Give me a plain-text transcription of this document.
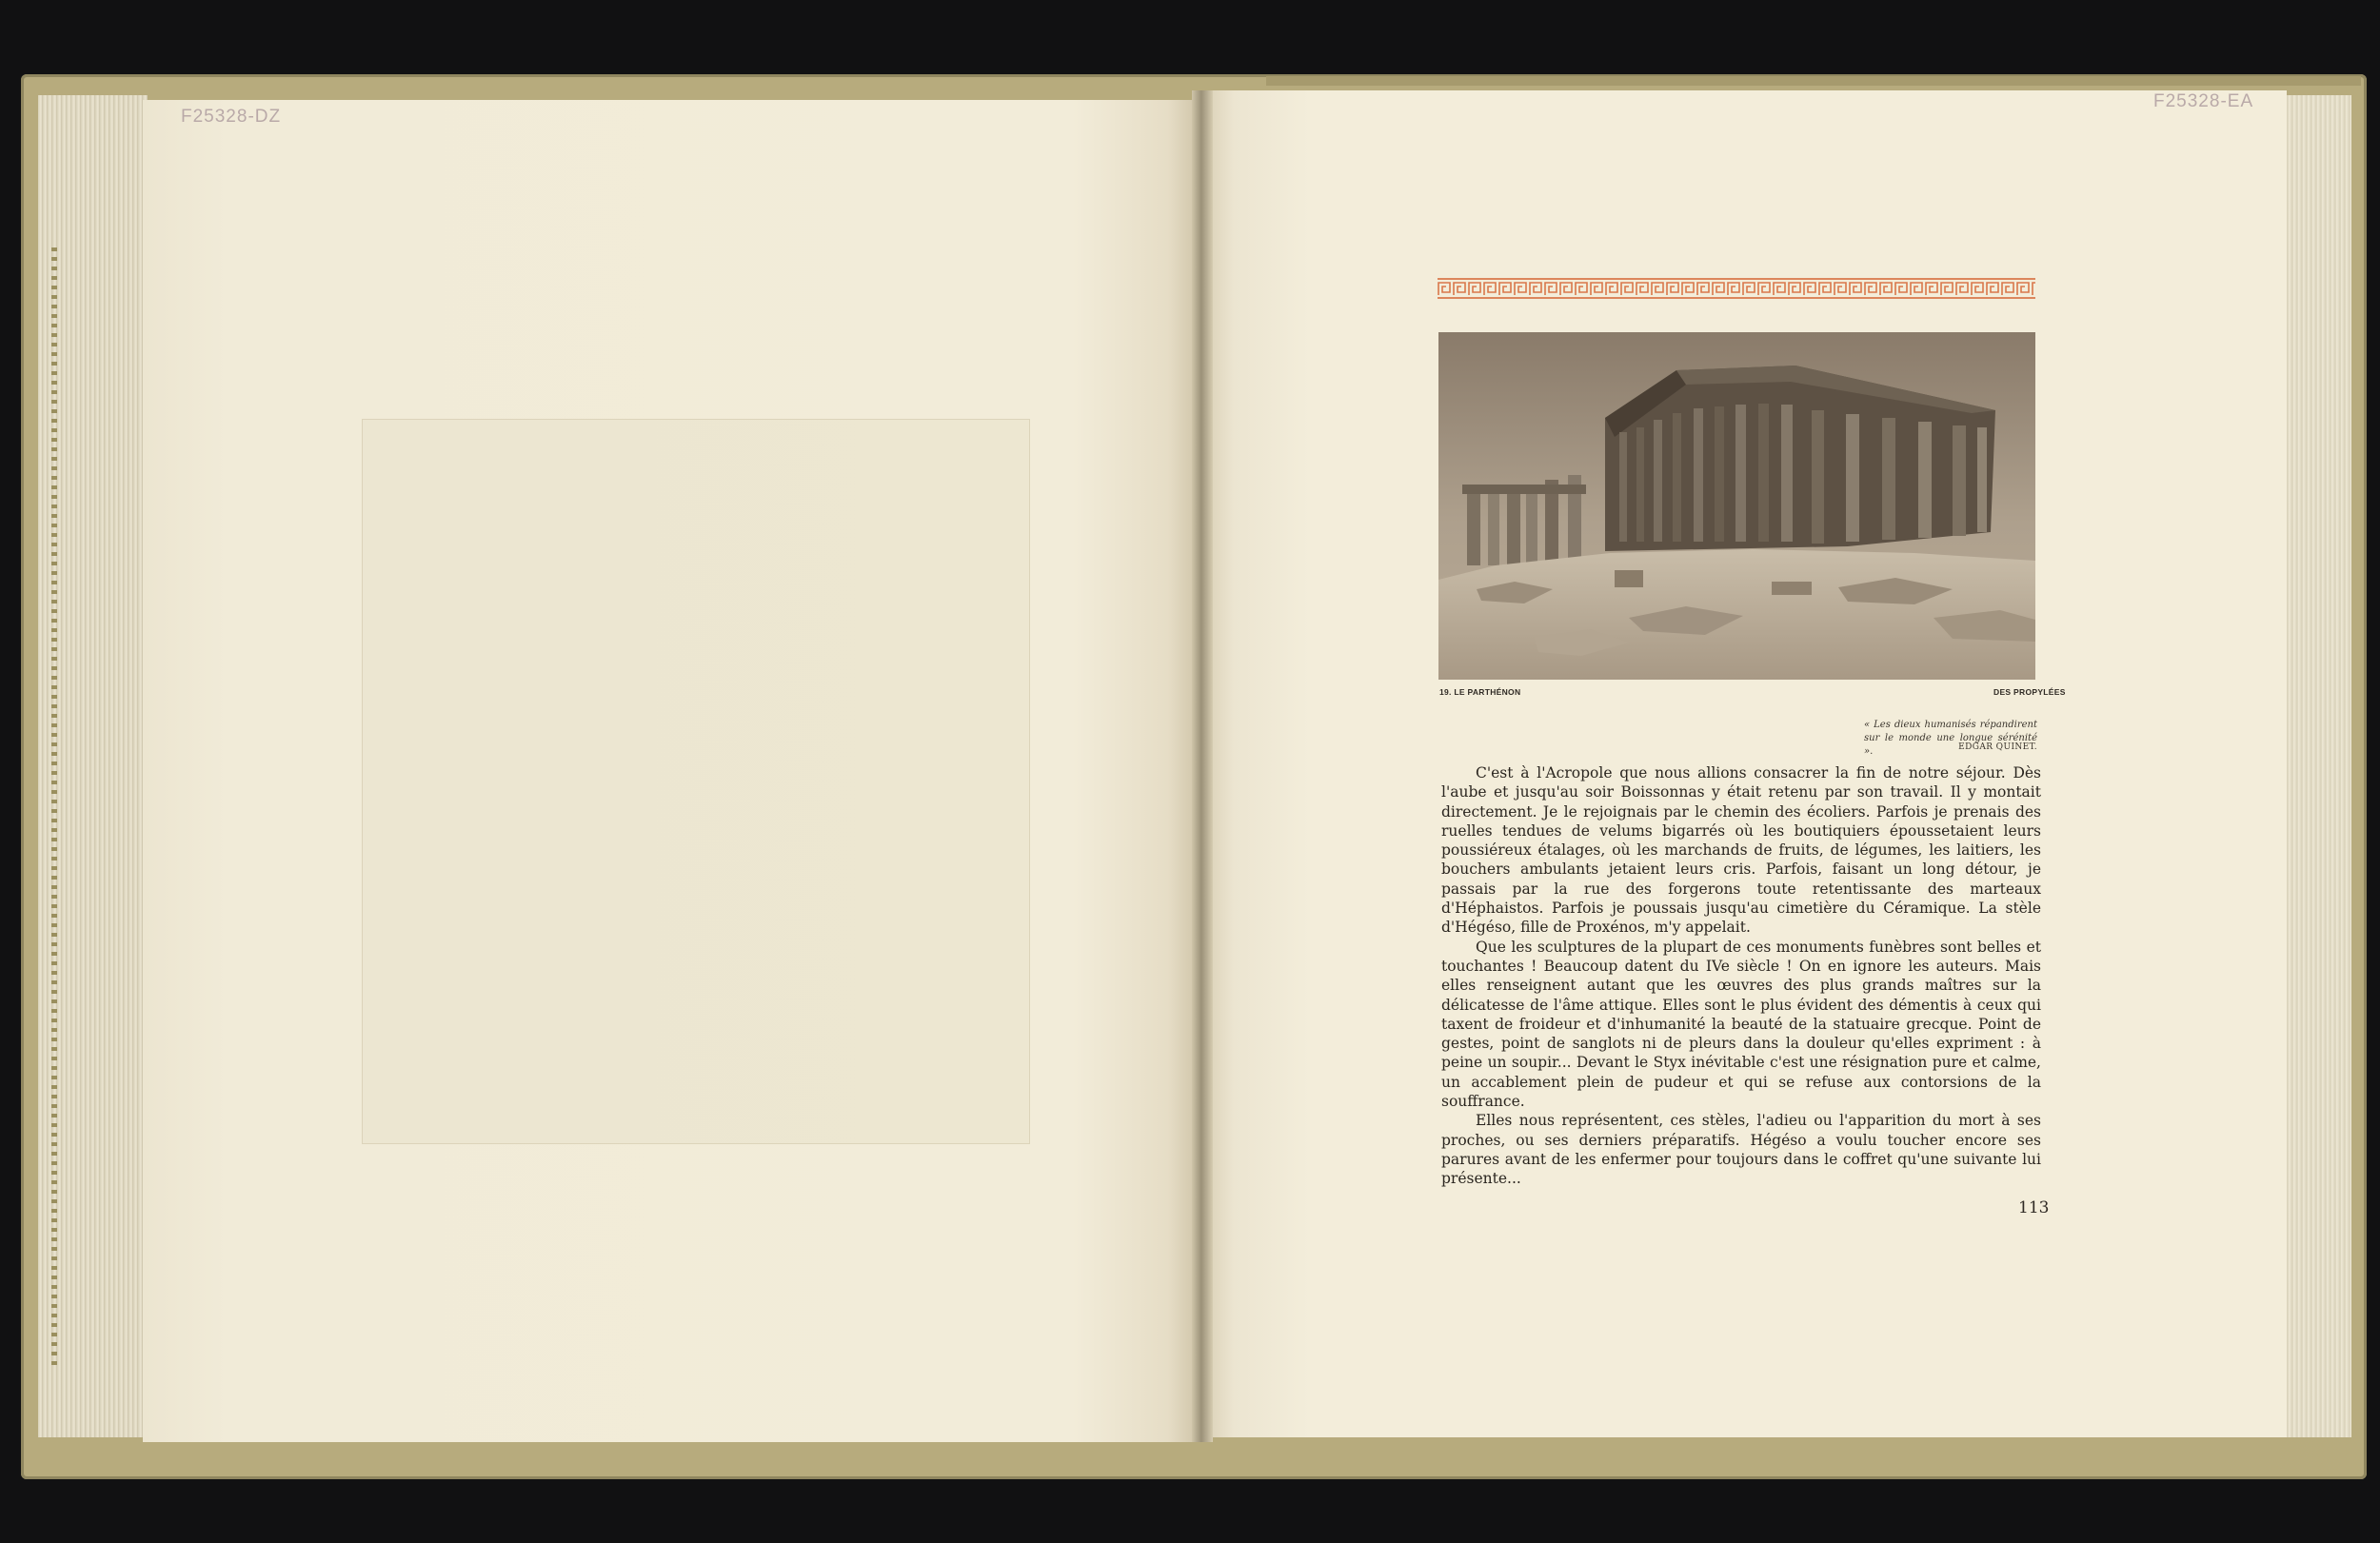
F25328-DZ
F25328-EA
19. LE PARTHÉNON	DES PROPYLÉES
« Les dieux humanisés répandirent sur le monde une longue sérénité ».	EDGAR QUINET.

C'est à l'Acropole que nous allions consacrer la fin de notre séjour. Dès l'aube et jusqu'au soir Boissonnas y était retenu par son travail. Il y montait directement. Je le rejoignais par le chemin des écoliers. Parfois je prenais des ruelles tendues de velums bigarrés où les boutiquiers époussetaient leurs poussiéreux étalages, où les marchands de fruits, de légumes, les laitiers, les bouchers ambulants jetaient leurs cris. Parfois, faisant un long détour, je passais par la rue des forgerons toute retentissante des marteaux d'Héphaistos. Parfois je poussais jusqu'au cimetière du Céramique. La stèle d'Hégéso, fille de Proxénos, m'y appelait.

Que les sculptures de la plupart de ces monuments funèbres sont belles et touchantes ! Beaucoup datent du IVe siècle ! On en ignore les auteurs. Mais elles renseignent autant que les œuvres des plus grands maîtres sur la délicatesse de l'âme attique. Elles sont le plus évident des démentis à ceux qui taxent de froideur et d'inhumanité la beauté de la statuaire grecque. Point de gestes, point de sanglots ni de pleurs dans la douleur qu'elles expriment : à peine un soupir... Devant le Styx inévitable c'est une résignation pure et calme, un accablement plein de pudeur et qui se refuse aux contorsions de la souffrance.

Elles nous représentent, ces stèles, l'adieu ou l'apparition du mort à ses proches, ou ses derniers préparatifs. Hégéso a voulu toucher encore ses parures avant de les enfermer pour toujours dans le coffret qu'une suivante lui présente...

113
